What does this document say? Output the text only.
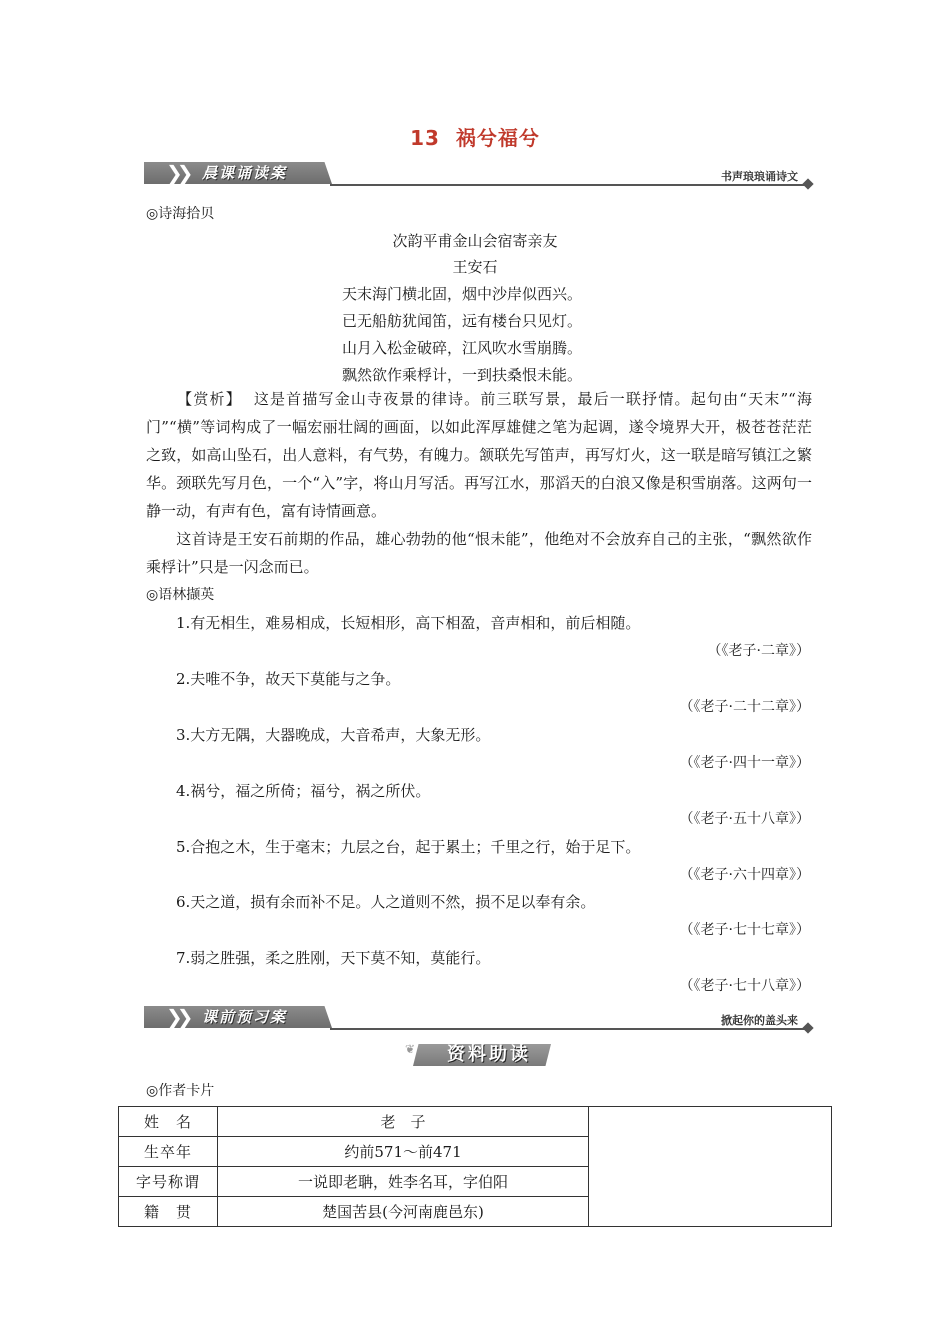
13 祸兮福兮
❯❯ 晨课诵读案	书声琅琅诵诗文
◎诗海拾贝
次韵平甫金山会宿寄亲友
王安石
天末海门横北固，烟中沙岸似西兴。
已无船舫犹闻笛，远有楼台只见灯。
山月入松金破碎，江风吹水雪崩腾。
飘然欲作乘桴计，一到扶桑恨未能。
【赏析】 这是首描写金山寺夜景的律诗。前三联写景，最后一联抒情。起句由“天末”“海门”“横”等词构成了一幅宏丽壮阔的画面，以如此浑厚雄健之笔为起调，遂令境界大开，极苍苍茫茫之致，如高山坠石，出人意料，有气势，有魄力。颔联先写笛声，再写灯火，这一联是暗写镇江之繁华。颈联先写月色，一个“入”字，将山月写活。再写江水，那滔天的白浪又像是积雪崩落。这两句一静一动，有声有色，富有诗情画意。
这首诗是王安石前期的作品，雄心勃勃的他“恨未能”，他绝对不会放弃自己的主张，“飘然欲作乘桴计”只是一闪念而已。
◎语林撷英
1.有无相生，难易相成，长短相形，高下相盈，音声相和，前后相随。
（《老子·二章》）
2.夫唯不争，故天下莫能与之争。
（《老子·二十二章》）
3.大方无隅，大器晚成，大音希声，大象无形。
（《老子·四十一章》）
4.祸兮，福之所倚；福兮，祸之所伏。
（《老子·五十八章》）
5.合抱之木，生于毫末；九层之台，起于累土；千里之行，始于足下。
（《老子·六十四章》）
6.天之道，损有余而补不足。人之道则不然，损不足以奉有余。
（《老子·七十七章》）
7.弱之胜强，柔之胜刚，天下莫不知，莫能行。
（《老子·七十八章》）
❯❯ 课前预习案	掀起你的盖头来
❦	资料助读
◎作者卡片
姓　名	老　子	
生卒年	约前571～前471	
字号称谓	一说即老聃，姓李名耳，字伯阳	
籍　贯	楚国苦县(今河南鹿邑东)	
